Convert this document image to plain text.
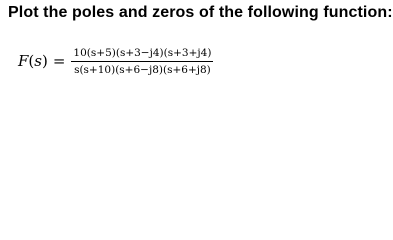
Plot the poles and zeros of the following function:
$F(s) = \frac{10(s+5)(s+3-j4)(s+3+j4)}{s(s+10)(s+6-j8)(s+6+j8)}$
